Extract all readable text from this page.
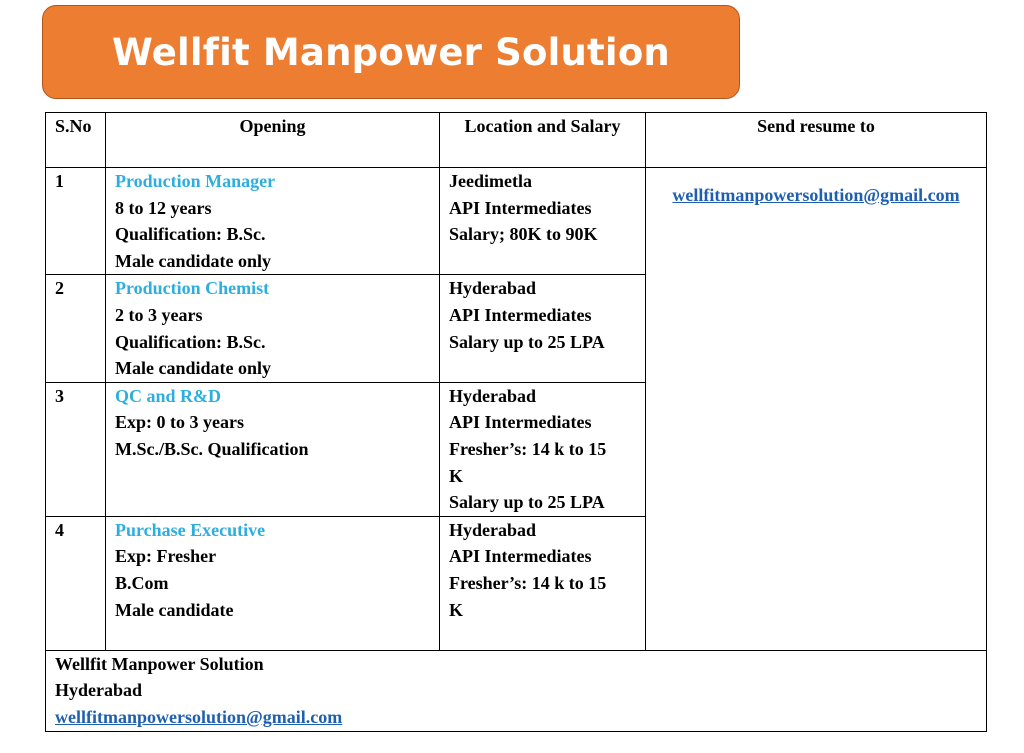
Wellfit Manpower Solution
S.No	Opening	Location and Salary	Send resume to
1	Production Manager
8 to 12 years
Qualification: B.Sc.
Male candidate only	Jeedimetla
API Intermediates
Salary; 80K to 90K	wellfitmanpowersolution@gmail.com
2	Production Chemist
2 to 3 years
Qualification: B.Sc.
Male candidate only	Hyderabad
API Intermediates
Salary up to 25 LPA	

3	QC and R&D
Exp: 0 to 3 years
M.Sc./B.Sc. Qualification	Hyderabad
API Intermediates
Fresher’s: 14 k to 15
K
Salary up to 25 LPA	

4	Purchase Executive
Exp: Fresher
B.Com
Male candidate	Hyderabad
API Intermediates
Fresher’s: 14 k to 15
K	

Wellfit Manpower Solution
Hyderabad
wellfitmanpowersolution@gmail.com			
